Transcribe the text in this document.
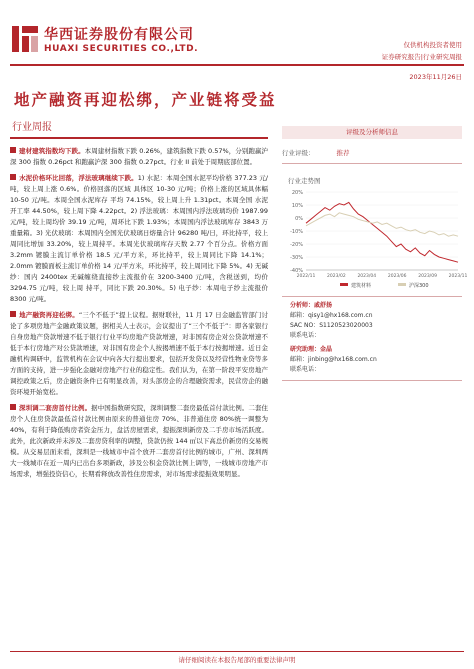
华西证券股份有限公司
HUAXI SECURITIES CO.,LTD.	仅供机构投资者使用
证券研究报告|行业研究周报
2023年11月26日
地产融资再迎松绑，产业链将受益
行业周报

建材建筑指数均下跌。本周建材指数下跌 0.26%，建筑指数下跌 0.57%，分别跑赢沪深 300 指数 0.26pct 和跑赢沪深 300 指数 0.27pct。行业 II 前处于周期底部位置。

水泥价格环比回落，浮法玻璃继续下跌。1) 水泥：本周全国水泥平均价格 377.23 元/吨，较上周上涨 0.6%。价格回落的区域 具体区 10-30 元/吨；价格上涨的区域具体幅 10-50 元/吨。本周全国水泥库存 平均 74.15%，较上周上升 1.31pct。本周全国 水泥 开工率 44.50%，较上周下降 4.22pct。2) 浮法玻璃：本周国内浮法玻璃均价 1987.99 元/吨，较上周均价 39.19 元/吨，周环比下跌 1.93%；本周国内浮法玻璃库存 3843 万重量箱。3) 光伏玻璃：本周国内全国光伏玻璃日熔量合计 96280 吨/日，环比持平，较上周同比增加 33.20%，较上周持平。本周光伏玻璃库存天数 2.77 个百分点。价格方面 3.2mm 镀膜主流订单价格 18.5 元/平方米，环比持平，较上周同比下降 14.1%；2.0mm 镀膜面板主流订单价格 14 元/平方米，环比持平，较上周同比下降 5%。4) 无碱纱：国内 2400tex 无碱缠绕直接纱主流报价在 3200-3400 元/吨，含税送到，均价 3294.75 元/吨，较上周 持平，同比下跌 20.30%。5) 电子纱：本周电子纱主流报价 8300 元/吨。

地产融资再迎松绑。“三个不低于”提上议程。据财联社，11 月 17 日金融监管部门讨论了多项房地产金融政策议题，据相关人士表示，会议提出了“三个不低于”：即各家银行自身房地产贷款增速不低于银行行业平均房地产贷款增速，对非国有房企对公贷款增速不低于本行房地产对公贷款增速，对非国有房企个人按揭增速不低于本行按揭增速。近日金融机构调研中，监管机构在会议中向各大行提出要求，包括开发贷以及经营性物业贷等多方面的支持，进一步强化金融对房地产行业的稳定性。我们认为，在第一阶段平安房地产调控政策之后，房企融资条件已有明显改善，对头部房企的合理融资需求，民营房企的融资环境开始宽松。

深圳调二套房首付比例。据中国指数研究院，深圳调整二套房最低首付款比例。二套住房个人住房贷款最低首付款比例由原来的普通住房 70%、非普通住房 80%统一调整为 40%，有利于降低购房者资金压力，盘活房屋需求，提振深圳新房及二手房市场活跃度。此外，此次新政并未涉及二套房贷利率的调整，贷款仍按 144 ㎡以下高总价新房的交易规模。从交易层面来看，深圳是一线城市中首个放开二套房首付比例的城市，广州、深圳两大一线城市在近一周内已出台多项新政，涉及公积金贷款比例上调等，一线城市房地产市场需求，增强投资信心，长期看释放改善性住房需求，对市场需求提振效果明显。

评级及分析师信息
行业评级：	推荐
行业走势图
20%
10%
0%
-10%
-20%
-30%
-40%
2022/11	2023/02	2023/04	2023/06	2023/09	2023/11
建筑材料	沪深300
分析师：戚舒扬
邮箱：qisy1@hx168.com.cn
SAC NO：S1120523020003
联系电话：
研究助理：金晶
邮箱：jinbing@hx168.com.cn
联系电话：
请仔细阅读在本报告尾部的重要法律声明
